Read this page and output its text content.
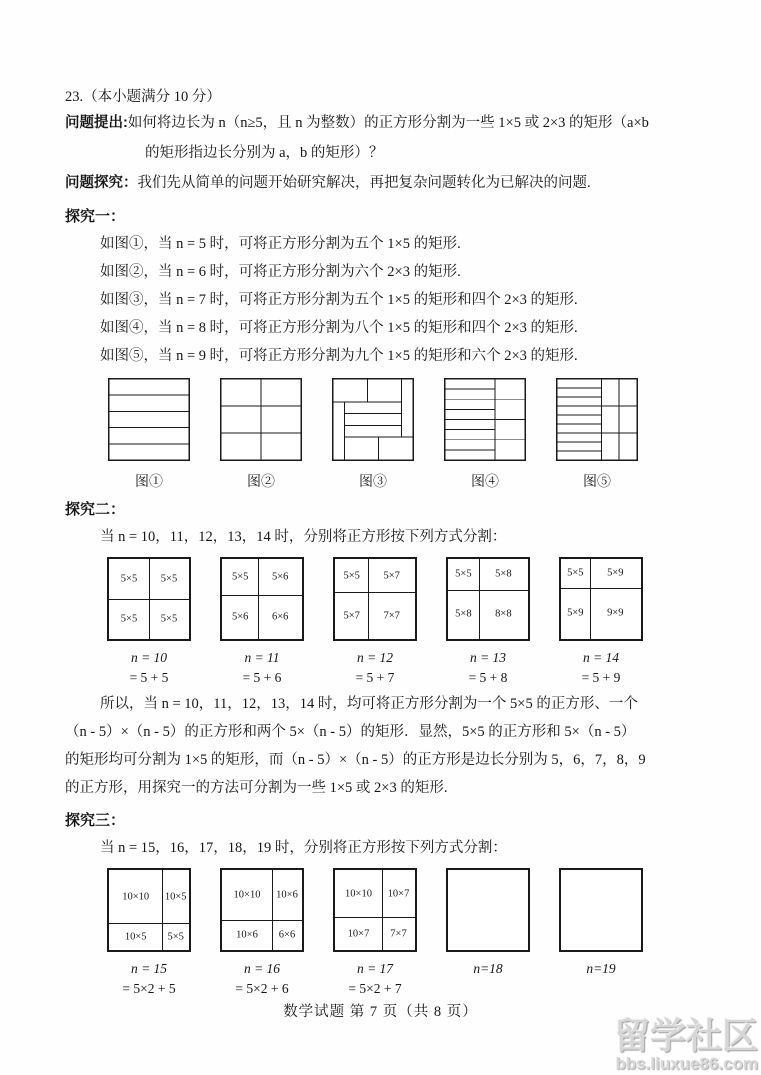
23.（本小题满分 10 分）
问题提出:如何将边长为 n（n≥5，且 n 为整数）的正方形分割为一些 1×5 或 2×3 的矩形（a×b
的矩形指边长分别为 a，b 的矩形）？
问题探究：我们先从简单的问题开始研究解决，再把复杂问题转化为已解决的问题.
探究一：
如图①，当 n = 5 时，可将正方形分割为五个 1×5 的矩形.
如图②，当 n = 6 时，可将正方形分割为六个 2×3 的矩形.
如图③，当 n = 7 时，可将正方形分割为五个 1×5 的矩形和四个 2×3 的矩形.
如图④，当 n = 8 时，可将正方形分割为八个 1×5 的矩形和四个 2×3 的矩形.
如图⑤，当 n = 9 时，可将正方形分割为九个 1×5 的矩形和六个 2×3 的矩形.
图①	图②	图③	图④	图⑤
探究二：
当 n = 10，11，12，13，14 时，分别将正方形按下列方式分割：
5×5 5×5
5×5 5×5
n = 10
= 5 + 5
5×5 5×6
5×6 6×6
n = 11
= 5 + 6
5×5 5×7
5×7 7×7
n = 12
= 5 + 7
5×5 5×8
5×8 8×8
n = 13
= 5 + 8
5×5 5×9
5×9 9×9
n = 14
= 5 + 9
所以，当 n = 10，11，12，13，14 时，均可将正方形分割为一个 5×5 的正方形、一个
（n - 5）×（n - 5）的正方形和两个 5×（n - 5）的矩形．显然，5×5 的正方形和 5×（n - 5）
的矩形均可分割为 1×5 的矩形，而（n - 5）×（n - 5）的正方形是边长分别为 5，6，7，8，9
的正方形，用探究一的方法可分割为一些 1×5 或 2×3 的矩形.
探究三：
当 n = 15，16，17，18，19 时，分别将正方形按下列方式分割：
10×10 10×5
10×5 5×5
n = 15
= 5×2 + 5
10×10 10×6
10×6 6×6
n = 16
= 5×2 + 6
10×10 10×7
10×7 7×7
n = 17
= 5×2 + 7
n=18	n=19
数学试题 第 7 页（共 8 页）
留学社区
bbs.liuxue86.com
